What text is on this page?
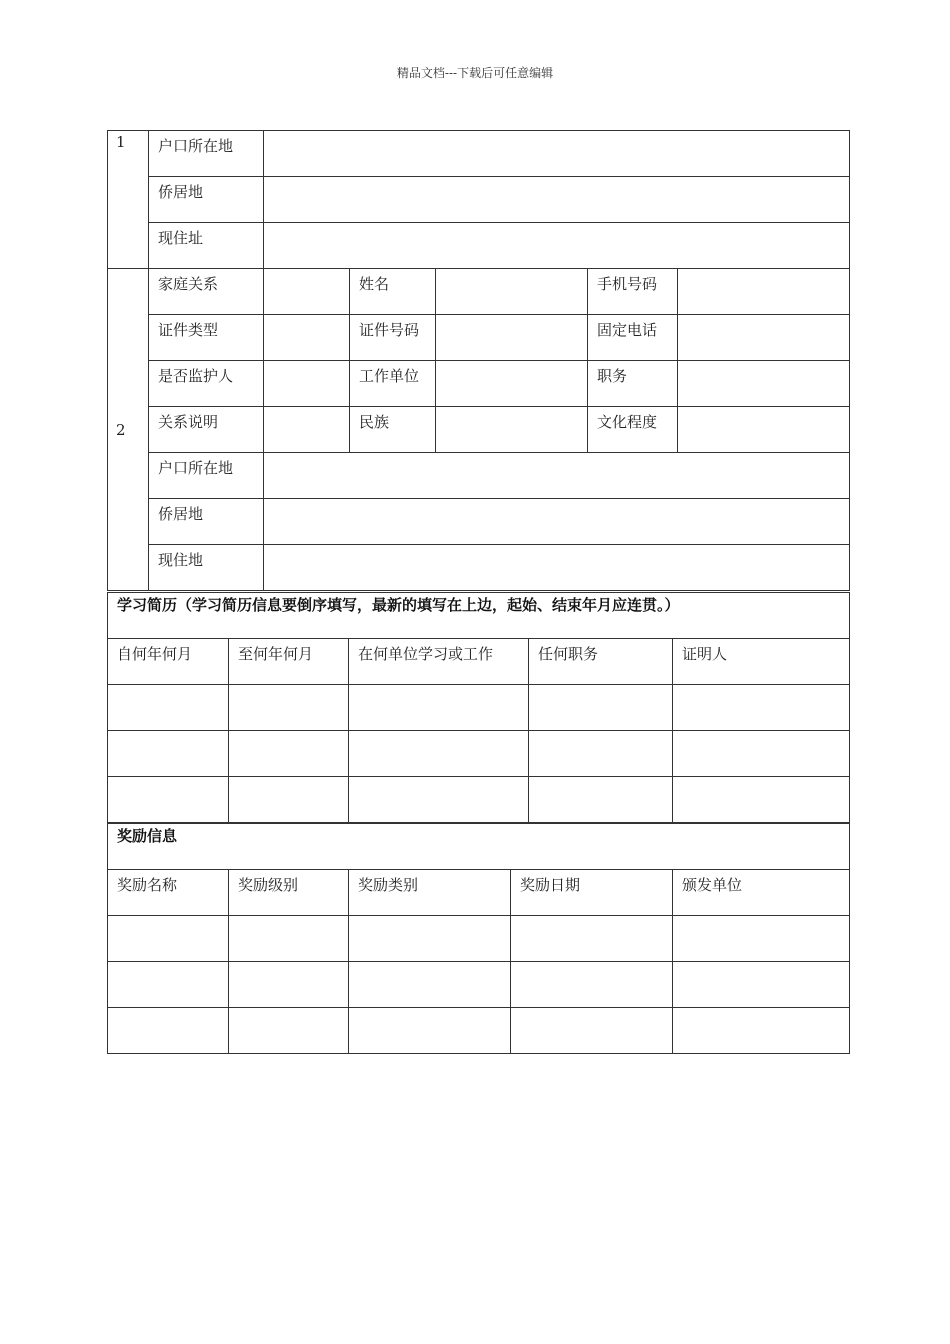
精品文档---下载后可任意编辑
1	户口所在地					
	侨居地					
	现住址					
2	家庭关系		姓名		手机号码	
	证件类型		证件号码		固定电话	
	是否监护人		工作单位		职务	
	关系说明		民族		文化程度	
	户口所在地					
	侨居地					
	现住地					
学习简历（学习简历信息要倒序填写，最新的填写在上边，起始、结束年月应连贯。）				
自何年何月	至何年何月	在何单位学习或工作	任何职务	证明人

奖励信息				
奖励名称	奖励级别	奖励类别	奖励日期	颁发单位
